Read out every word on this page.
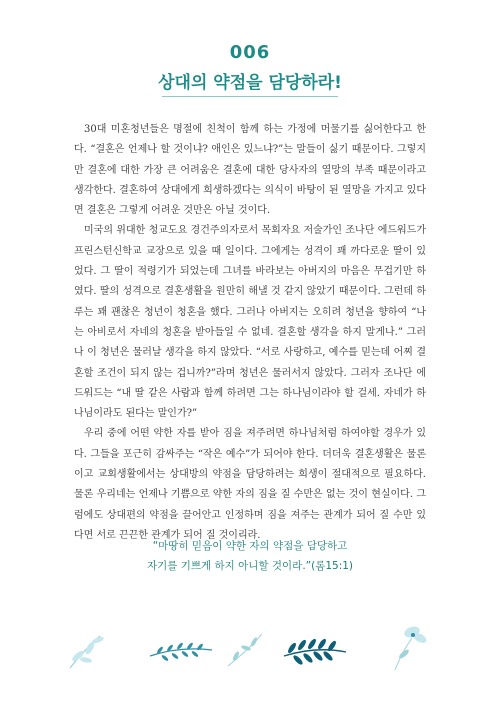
006
상대의 약점을 담당하라!

30대 미혼청년들은 명절에 친척이 함께 하는 가정에 머물기를 싫어한다고 한다. “결혼은 언제나 할 것이냐? 애인은 있느냐?”는 말들이 싫기 때문이다. 그렇지만 결혼에 대한 가장 큰 어려움은 결혼에 대한 당사자의 열망의 부족 때문이라고 생각한다. 결혼하여 상대에게 희생하겠다는 의식이 바탕이 된 열망을 가지고 있다면 결혼은 그렇게 어려운 것만은 아닐 것이다.

미국의 위대한 청교도요 경건주의자로서 목회자요 저술가인 조나단 에드워드가 프린스턴신학교 교장으로 있을 때 일이다. 그에게는 성격이 꽤 까다로운 딸이 있었다. 그 딸이 적령기가 되었는데 그녀를 바라보는 아버지의 마음은 무겁기만 하였다. 딸의 성격으로 결혼생활을 원만히 해낼 것 같지 않았기 때문이다. 그런데 하루는 꽤 괜찮은 청년이 청혼을 했다. 그러나 아버지는 오히려 청년을 향하여 “나는 아비로서 자네의 청혼을 받아들일 수 없네. 결혼할 생각을 하지 말게나.” 그러나 이 청년은 물러날 생각을 하지 않았다. “서로 사랑하고, 예수를 믿는데 어찌 결혼할 조건이 되지 않는 겁니까?”라며 청년은 물러서지 않았다. 그러자 조나단 에드워드는 “내 딸 같은 사람과 함께 하려면 그는 하나님이라야 할 걸세. 자네가 하나님이라도 된다는 말인가?”

우리 중에 어떤 약한 자를 받아 짐을 져주려면 하나님처럼 하여야할 경우가 있다. 그들을 포근히 감싸주는 “작은 예수”가 되어야 한다. 더더욱 결혼생활은 물론이고 교회생활에서는 상대방의 약점을 담당하려는 희생이 절대적으로 필요하다. 물론 우리네는 언제나 기쁨으로 약한 자의 짐을 질 수만은 없는 것이 현실이다. 그럼에도 상대편의 약점을 끌어안고 인정하며 짐을 져주는 관계가 되어 질 수만 있다면 서로 끈끈한 관계가 되어 질 것이리라.

“마땅히 믿음이 약한 자의 약점을 담당하고

자기를 기쁘게 하지 아니할 것이라.”(롬15:1)
